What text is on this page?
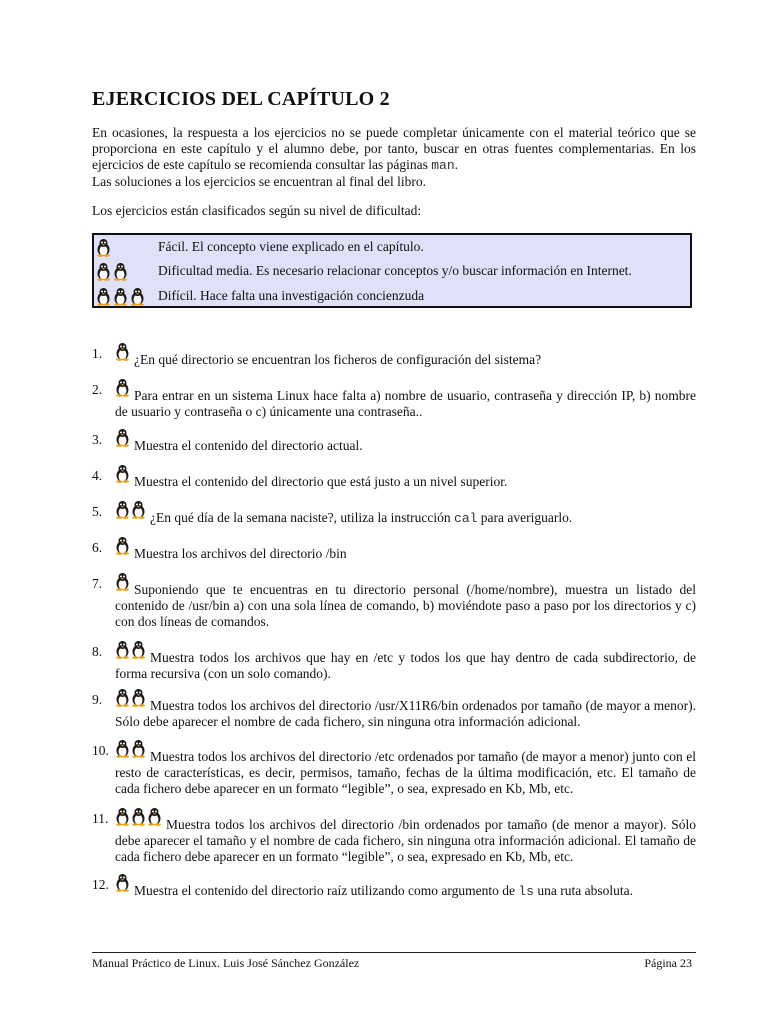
EJERCICIOS DEL CAPÍTULO 2

En ocasiones, la respuesta a los ejercicios no se puede completar únicamente con el material teórico que se proporciona en este capítulo y el alumno debe, por tanto, buscar en otras fuentes complementarias. En los ejercicios de este capítulo se recomienda consultar las páginas man.

Las soluciones a los ejercicios se encuentran al final del libro.

Los ejercicios están clasificados según su nivel de dificultad:

Fácil. El concepto viene explicado en el capítulo.
Dificultad media. Es necesario relacionar conceptos y/o buscar información en Internet.
Difícil. Hace falta una investigación concienzuda
1.	¿En qué directorio se encuentran los ficheros de configuración del sistema?
2.	Para entrar en un sistema Linux hace falta a) nombre de usuario, contraseña y dirección IP, b) nombre de usuario y contraseña o c) únicamente una contraseña..
3.	Muestra el contenido del directorio actual.
4.	Muestra el contenido del directorio que está justo a un nivel superior.
5.	¿En qué día de la semana naciste?, utiliza la instrucción cal para averiguarlo.
6.	Muestra los archivos del directorio /bin
7.	Suponiendo que te encuentras en tu directorio personal (/home/nombre), muestra un listado del contenido de /usr/bin a) con una sola línea de comando, b) moviéndote paso a paso por los directorios y c) con dos líneas de comandos.
8.	Muestra todos los archivos que hay en /etc y todos los que hay dentro de cada subdirectorio, de forma recursiva (con un solo comando).
9.	Muestra todos los archivos del directorio /usr/X11R6/bin ordenados por tamaño (de mayor a menor). Sólo debe aparecer el nombre de cada fichero, sin ninguna otra información adicional.
10.	Muestra todos los archivos del directorio /etc ordenados por tamaño (de mayor a menor) junto con el resto de características, es decir, permisos, tamaño, fechas de la última modificación, etc. El tamaño de cada fichero debe aparecer en un formato “legible”, o sea, expresado en Kb, Mb, etc.
11.	Muestra todos los archivos del directorio /bin ordenados por tamaño (de menor a mayor). Sólo debe aparecer el tamaño y el nombre de cada fichero, sin ninguna otra información adicional. El tamaño de cada fichero debe aparecer en un formato “legible”, o sea, expresado en Kb, Mb, etc.
12.	Muestra el contenido del directorio raíz utilizando como argumento de ls una ruta absoluta.
Manual Práctico de Linux. Luis José Sánchez González	Página 23
